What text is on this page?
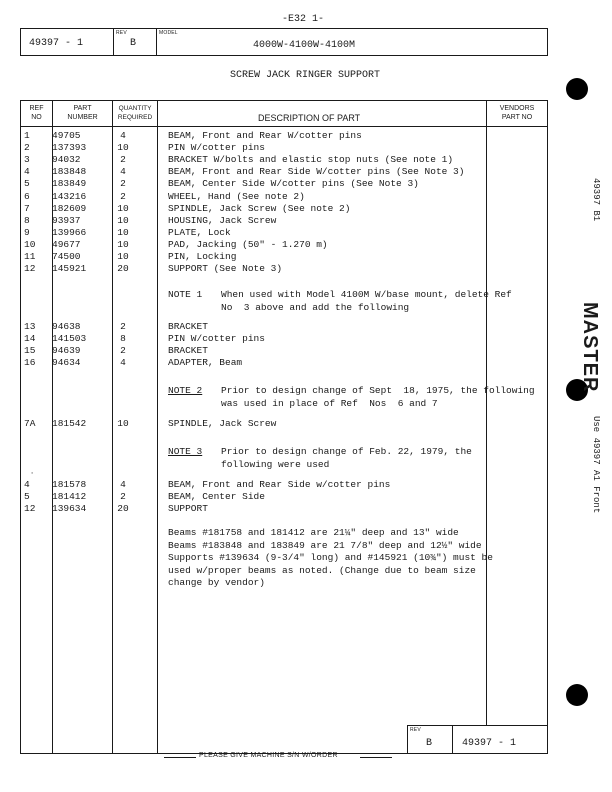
-E32 1-
REV	MODEL
49397 - 1	B	4000W-4100W-4100M
SCREW JACK RINGER SUPPORT
REF
NO
PART
NUMBER
QUANTITY
REQUIRED	DESCRIPTION OF PART
VENDORS
PART NO
REV
B	49397 - 1
1 49705	4	BEAM, Front and Rear W/cotter pins
2 137393	10	PIN W/cotter pins
3 94032	2	BRACKET W/bolts and elastic stop nuts (See note 1)
4 183848	4	BEAM, Front and Rear Side W/cotter pins (See Note 3)
5 183849	2	BEAM, Center Side W/cotter pins (See Note 3)
6 143216	2	WHEEL, Hand (See note 2)
7 182609	10	SPINDLE, Jack Screw (See note 2)
8 93937	10	HOUSING, Jack Screw
9 139966	10	PLATE, Lock
10 49677	10	PAD, Jacking (50" - 1.270 m)
11 74500	10	PIN, Locking
12 145921	20	SUPPORT (See Note 3)
NOTE 1 When used with Model 4100M W/base mount, delete Ref
No  3 above and add the following
13 94638	2	BRACKET
14 141503	8	PIN W/cotter pins
15 94639	2	BRACKET
16 94634	4	ADAPTER, Beam
NOTE 2 Prior to design change of Sept  18, 1975, the following
was used in place of Ref  Nos  6 and 7
7A 181542	10	SPINDLE, Jack Screw
NOTE 3 Prior to design change of Feb. 22, 1979, the
following were used
·
4 181578	4	BEAM, Front and Rear Side w/cotter pins
5 181412	2	BEAM, Center Side
12 139634	20	SUPPORT
Beams #181758 and 181412 are 21¼" deep and 13" wide
Beams #183848 and 183849 are 21 7/8" deep and 12½" wide
Supports #139634 (9-3/4" long) and #145921 (10¾") must be
used w/proper beams as noted. (Change due to beam size
change by vendor)
PLEASE GIVE MACHINE S/N W/ORDER
49397 B1
MASTER
Use 49397 A1 Front
